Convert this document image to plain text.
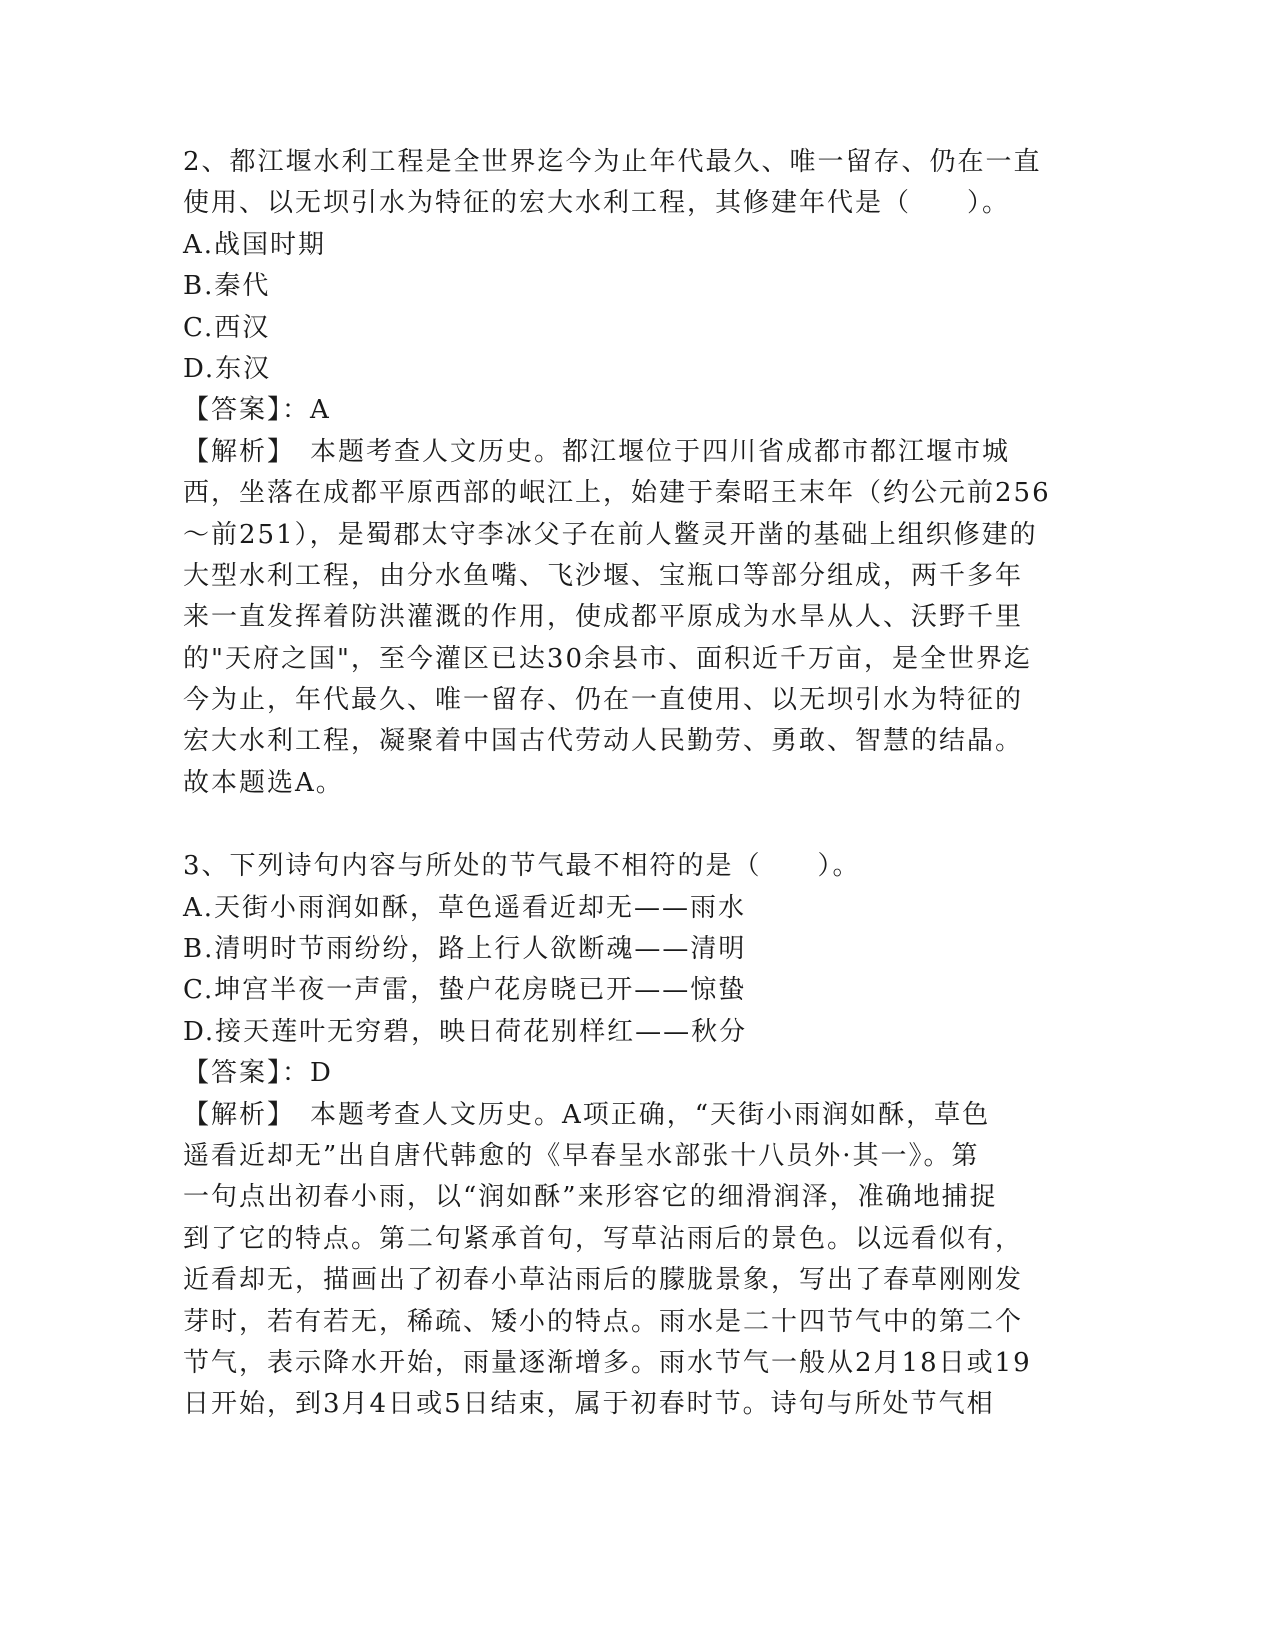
2、都江堰水利工程是全世界迄今为止年代最久、唯一留存、仍在一直
使用、以无坝引水为特征的宏大水利工程，其修建年代是（　　）。
A.战国时期
B.秦代
C.西汉
D.东汉
【答案】：A
【解析】　本题考查人文历史。都江堰位于四川省成都市都江堰市城
西，坐落在成都平原西部的岷江上，始建于秦昭王末年（约公元前256
～前251），是蜀郡太守李冰父子在前人鳖灵开凿的基础上组织修建的
大型水利工程，由分水鱼嘴、飞沙堰、宝瓶口等部分组成，两千多年
来一直发挥着防洪灌溉的作用，使成都平原成为水旱从人、沃野千里
的"天府之国"，至今灌区已达30余县市、面积近千万亩，是全世界迄
今为止，年代最久、唯一留存、仍在一直使用、以无坝引水为特征的
宏大水利工程，凝聚着中国古代劳动人民勤劳、勇敢、智慧的结晶。
故本题选A。
3、下列诗句内容与所处的节气最不相符的是（　　）。
A.天街小雨润如酥，草色遥看近却无——雨水
B.清明时节雨纷纷，路上行人欲断魂——清明
C.坤宫半夜一声雷，蛰户花房晓已开——惊蛰
D.接天莲叶无穷碧，映日荷花别样红——秋分
【答案】：D
【解析】　本题考查人文历史。A项正确，“天街小雨润如酥，草色
遥看近却无”出自唐代韩愈的《早春呈水部张十八员外·其一》。第
一句点出初春小雨，以“润如酥”来形容它的细滑润泽，准确地捕捉
到了它的特点。第二句紧承首句，写草沾雨后的景色。以远看似有，
近看却无，描画出了初春小草沾雨后的朦胧景象，写出了春草刚刚发
芽时，若有若无，稀疏、矮小的特点。雨水是二十四节气中的第二个
节气，表示降水开始，雨量逐渐增多。雨水节气一般从2月18日或19
日开始，到3月4日或5日结束，属于初春时节。诗句与所处节气相
